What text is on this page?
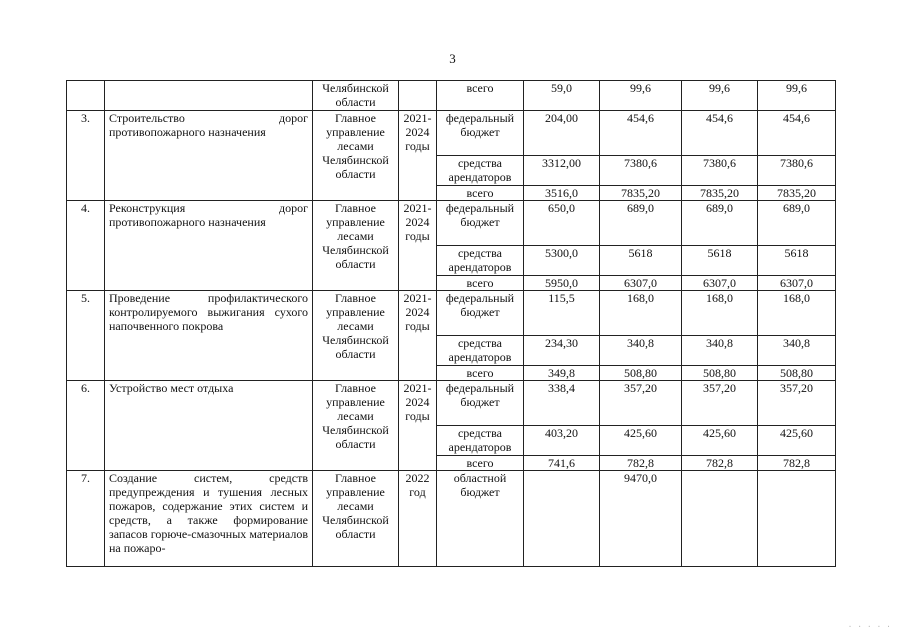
3
		Челябинской
области		всего	59,0	99,6	99,6	99,6
3.	Строительство дорог противопожарного назначения	Главное
управление
лесами
Челябинской
области	2021-
2024
годы	федеральный
бюджет	204,00	454,6	454,6	454,6
				средства
арендаторов	3312,00	7380,6	7380,6	7380,6
				всего	3516,0	7835,20	7835,20	7835,20
4.	Реконструкция дорог противопожарного назначения	Главное
управление
лесами
Челябинской
области	2021-
2024
годы	федеральный
бюджет	650,0	689,0	689,0	689,0
				средства
арендаторов	5300,0	5618	5618	5618
				всего	5950,0	6307,0	6307,0	6307,0
5.	Проведение профилактического контролируемого выжигания сухого напочвенного покрова	Главное
управление
лесами
Челябинской
области	2021-
2024
годы	федеральный
бюджет	115,5	168,0	168,0	168,0
				средства
арендаторов	234,30	340,8	340,8	340,8
				всего	349,8	508,80	508,80	508,80
6.	Устройство мест отдыха	Главное
управление
лесами
Челябинской
области	2021-
2024
годы	федеральный
бюджет	338,4	357,20	357,20	357,20
				средства
арендаторов	403,20	425,60	425,60	425,60
				всего	741,6	782,8	782,8	782,8
7.	Создание систем, средств предупреждения и тушения лесных пожаров, содержание этих систем и средств, а также формирование запасов горюче-смазочных материалов на пожаро-	Главное
управление
лесами
Челябинской
области	2022
год	областной
бюджет		9470,0		
· · · · ·
